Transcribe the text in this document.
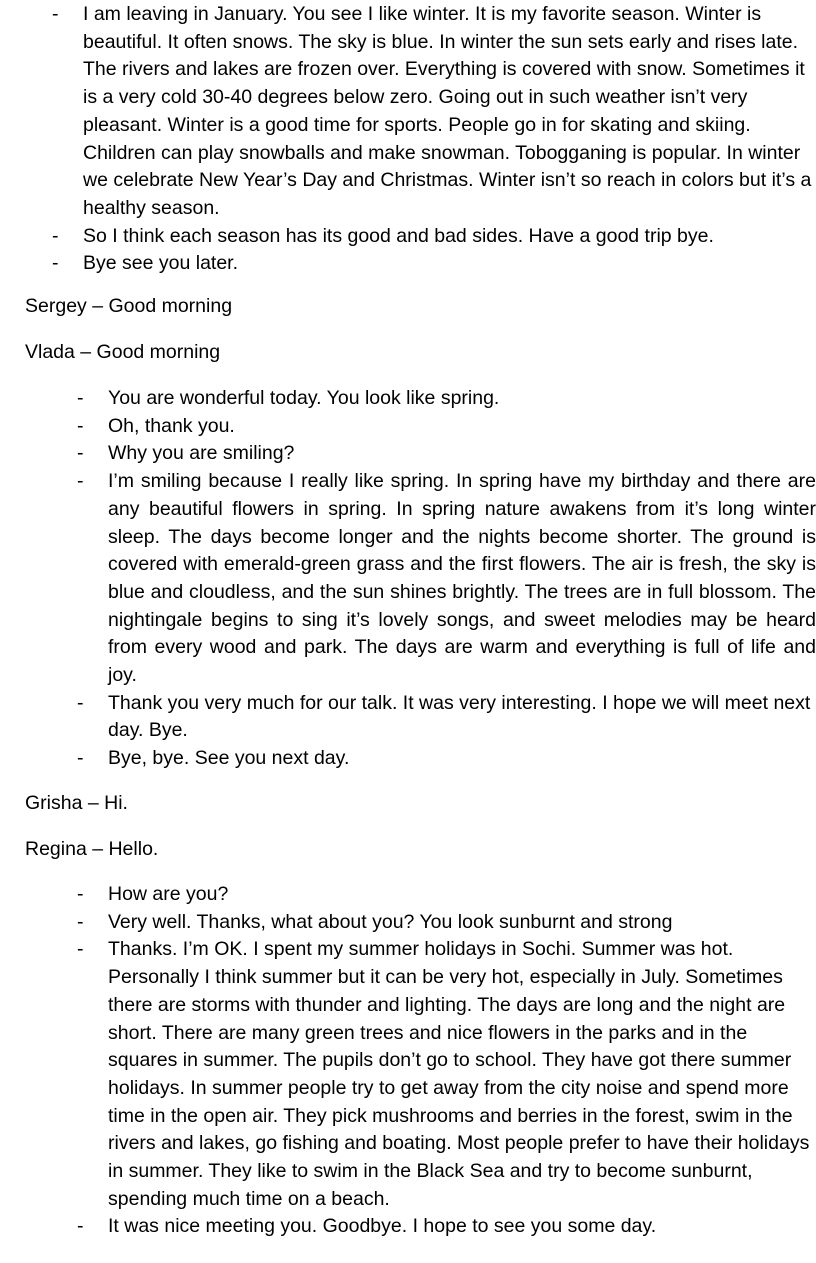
- I am leaving in January. You see I like winter. It is my favorite season. Winter is beautiful. It often snows. The sky is blue. In winter the sun sets early and rises late. The rivers and lakes are frozen over. Everything is covered with snow. Sometimes it is a very cold 30-40 degrees below zero. Going out in such weather isn’t very pleasant. Winter is a good time for sports. People go in for skating and skiing. Children can play snowballs and make snowman. Tobogganing is popular. In winter we celebrate New Year’s Day and Christmas. Winter isn’t so reach in colors but it’s a healthy season.
- So I think each season has its good and bad sides. Have a good trip bye.
- Bye see you later.

Sergey – Good morning

Vlada – Good morning

- You are wonderful today. You look like spring.
- Oh, thank you.
- Why you are smiling?
- I’m smiling because I really like spring. In spring have my birthday and there are any beautiful flowers in spring. In spring nature awakens from it’s long winter sleep. The days become longer and the nights become shorter. The ground is covered with emerald-green grass and the first flowers. The air is fresh, the sky is blue and cloudless, and the sun shines brightly. The trees are in full blossom. The nightingale begins to sing it’s lovely songs, and sweet melodies may be heard from every wood and park. The days are warm and everything is full of life and joy.
- Thank you very much for our talk. It was very interesting. I hope we will meet next day. Bye.
- Bye, bye. See you next day.

Grisha – Hi.

Regina – Hello.

- How are you?
- Very well. Thanks, what about you? You look sunburnt and strong
- Thanks. I’m OK. I spent my summer holidays in Sochi. Summer was hot. Personally I think summer but it can be very hot, especially in July. Sometimes there are storms with thunder and lighting. The days are long and the night are short. There are many green trees and nice flowers in the parks and in the squares in summer. The pupils don’t go to school. They have got there summer holidays. In summer people try to get away from the city noise and spend more time in the open air. They pick mushrooms and berries in the forest, swim in the rivers and lakes, go fishing and boating. Most people prefer to have their holidays in summer. They like to swim in the Black Sea and try to become sunburnt, spending much time on a beach.
- It was nice meeting you. Goodbye. I hope to see you some day.
